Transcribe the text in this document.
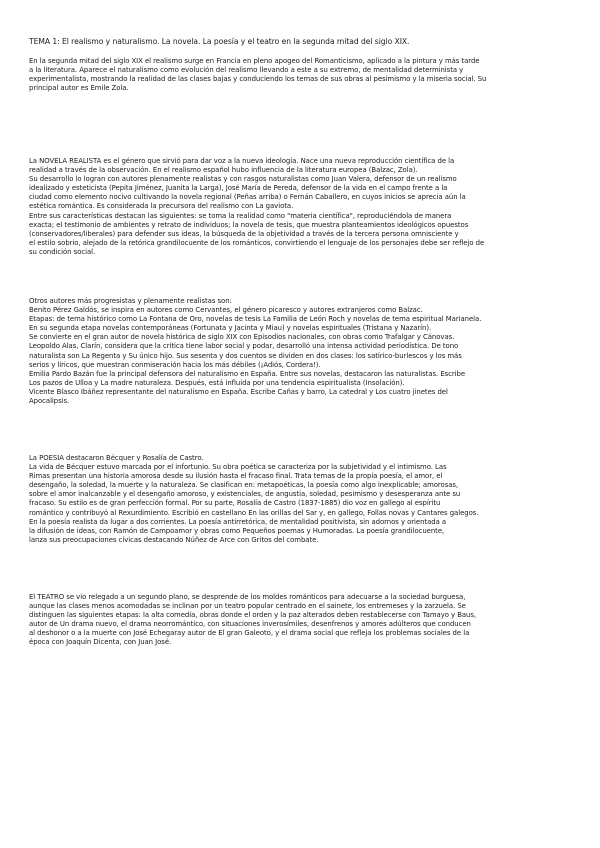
TEMA 1: El realismo y naturalismo. La novela. La poesía y el teatro en la segunda mitad del siglo XIX.
En la segunda mitad del siglo XIX el realismo surge en Francia en pleno apogeo del Romanticismo, aplicado a la pintura y más tarde
a la literatura. Aparece el naturalismo como evolución del realismo llevando a este a su extremo, de mentalidad determinista y
experimentalista, mostrando la realidad de las clases bajas y conduciendo los temas de sus obras al pesimismo y la miseria social. Su
principal autor es Émile Zola.
La NOVELA REALISTA es el género que sirvió para dar voz a la nueva ideología. Nace una nueva reproducción científica de la
realidad a través de la observación. En el realismo español hubo influencia de la literatura europea (Balzac, Zola).
Su desarrollo lo logran con autores plenamente realistas y con rasgos naturalistas como Juan Valera, defensor de un realismo
idealizado y esteticista (Pepita Jiménez, Juanita la Larga), José María de Pereda, defensor de la vida en el campo frente a la
ciudad como elemento nocivo cultivando la novela regional (Peñas arriba) o Fernán Caballero, en cuyos inicios se aprecia aún la
estética romántica. Es considerada la precursora del realismo con La gaviota.
Entre sus características destacan las siguientes: se toma la realidad como "materia científica", reproduciéndola de manera
exacta; el testimonio de ambientes y retrato de individuos; la novela de tesis, que muestra planteamientos ideológicos opuestos
(conservadores/liberales) para defender sus ideas, la búsqueda de la objetividad a través de la tercera persona omnisciente y
el estilo sobrio, alejado de la retórica grandilocuente de los románticos, convirtiendo el lenguaje de los personajes debe ser reflejo de
su condición social.
Otros autores más progresistas y plenamente realistas son:
Benito Pérez Galdós, se inspira en autores como Cervantes, el género picaresco y autores extranjeros como Balzac.
Etapas: de tema histórico como La Fontana de Oro, novelas de tesis La Familia de León Roch y novelas de tema espiritual Marianela.
En su segunda etapa novelas contemporáneas (Fortunata y Jacinta y Miau) y novelas espirituales (Tristana y Nazarín).
Se convierte en el gran autor de novela histórica de siglo XIX con Episodios nacionales, con obras como Trafalgar y Cánovas.
Leopoldo Alas, Clarín, considera que la crítica tiene labor social y podar, desarrolló una intensa actividad periodística. De tono
naturalista son La Regenta y Su único hijo. Sus sesenta y dos cuentos se dividen en dos clases: los satírico-burlescos y los más
serios y líricos, que muestran conmiseración hacia los más débiles (¡Adiós, Cordera!).
Emilia Pardo Bazán fue la principal defensora del naturalismo en España. Entre sus novelas, destacaron las naturalistas. Escribe
Los pazos de Ulloa y La madre naturaleza. Después, está influida por una tendencia espiritualista (Insolación).
Vicente Blasco Ibáñez representante del naturalismo en España. Escribe Cañas y barro, La catedral y Los cuatro jinetes del
Apocalipsis.
La POESÍA destacaron Bécquer y Rosalía de Castro.
La vida de Bécquer estuvo marcada por el infortunio. Su obra poética se caracteriza por la subjetividad y el intimismo. Las
Rimas presentan una historia amorosa desde su ilusión hasta el fracaso final. Trata temas de la propia poesía, el amor, el
desengaño, la soledad, la muerte y la naturaleza. Se clasifican en: metapoéticas, la poesía como algo inexplicable; amorosas,
sobre el amor inalcanzable y el desengaño amoroso, y existenciales, de angustia, soledad, pesimismo y desesperanza ante su
fracaso. Su estilo es de gran perfección formal. Por su parte, Rosalía de Castro (1837-1885) dio voz en gallego al espíritu
romántico y contribuyó al Rexurdimiento. Escribió en castellano En las orillas del Sar y, en gallego, Follas novas y Cantares galegos.
En la poesía realista da lugar a dos corrientes. La poesía antirretórica, de mentalidad positivista, sin adornos y orientada a
la difusión de ideas, con Ramón de Campoamor y obras como Pequeños poemas y Humoradas. La poesía grandilocuente,
lanza sus preocupaciones cívicas destacando Núñez de Arce con Gritos del combate.
El TEATRO se vio relegado a un segundo plano, se desprende de los moldes románticos para adecuarse a la sociedad burguesa,
aunque las clases menos acomodadas se inclinan por un teatro popular centrado en el sainete, los entremeses y la zarzuela. Se
distinguen las siguientes etapas: la alta comedia, obras donde el orden y la paz alterados deben restablecerse con Tamayo y Baus,
autor de Un drama nuevo, el drama neorromántico, con situaciones inverosímiles, desenfrenos y amores adúlteros que conducen
al deshonor o a la muerte con José Echegaray autor de El gran Galeoto, y el drama social que refleja los problemas sociales de la
época con Joaquín Dicenta, con Juan José.
